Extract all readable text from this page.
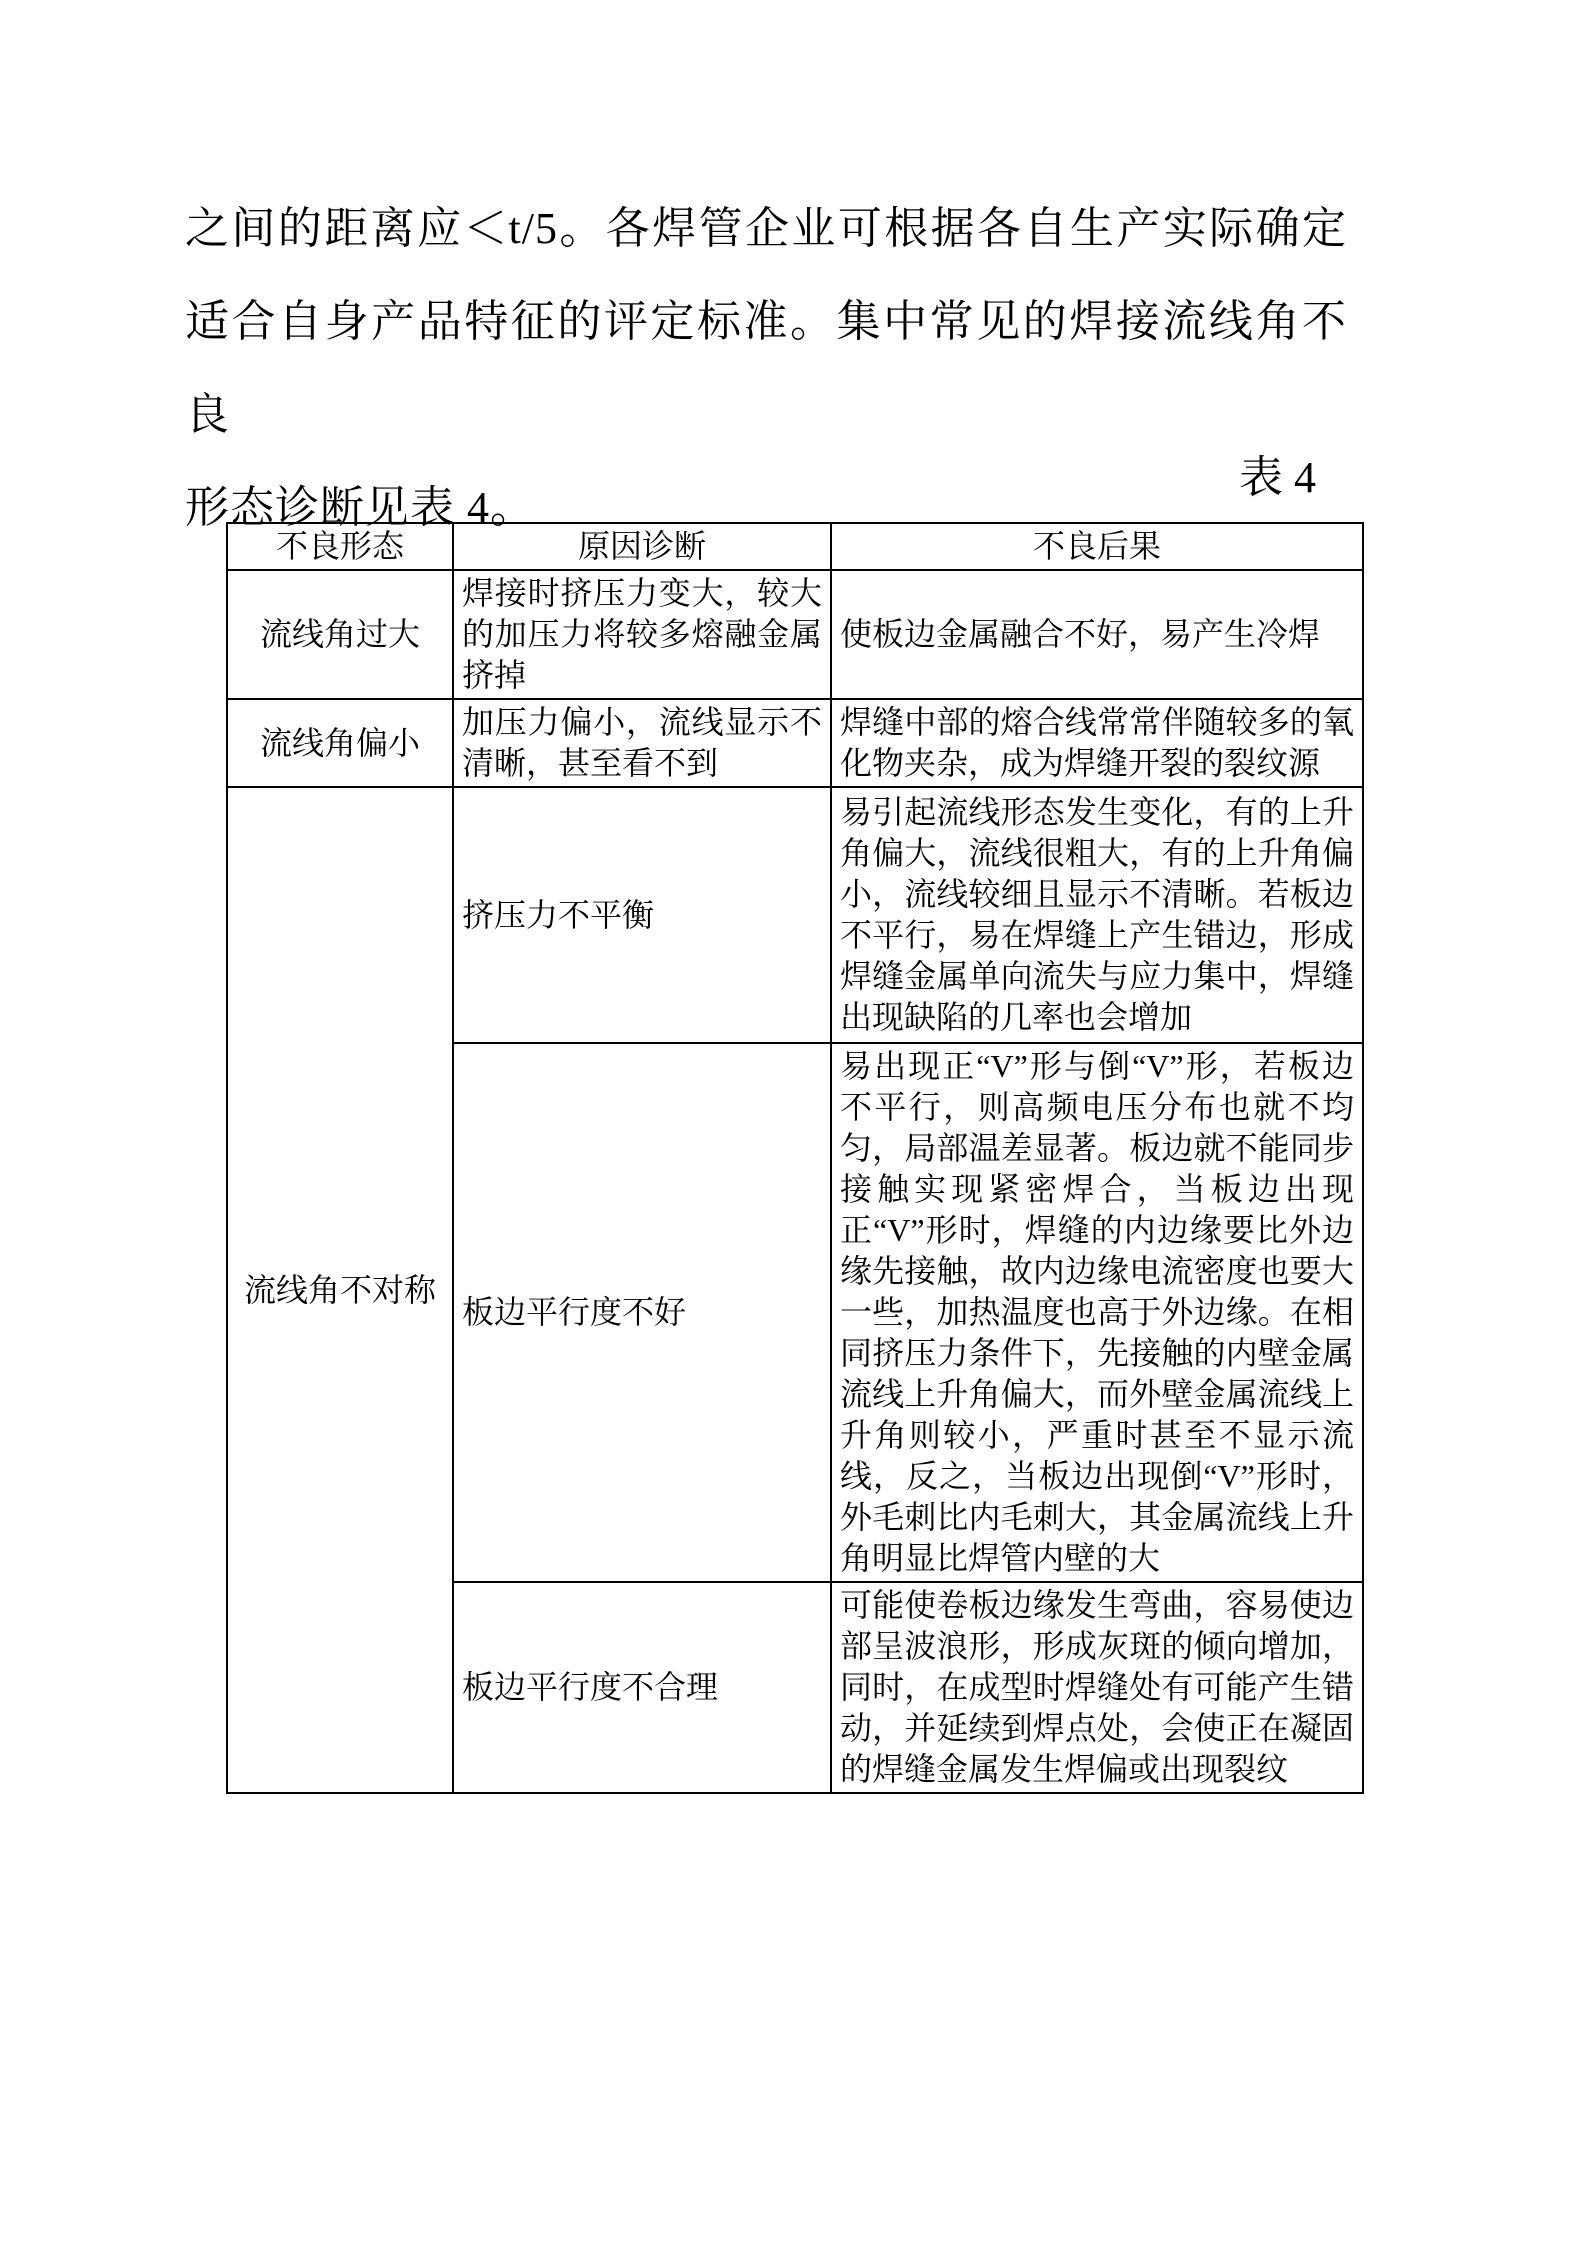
之间的距离应＜t/5。各焊管企业可根据各自生产实际确定
适合自身产品特征的评定标准。集中常见的焊接流线角不良
形态诊断见表 4。
表 4
不良形态	原因诊断	不良后果
流线角过大	焊接时挤压力变大，较大的加压力将较多熔融金属挤掉	使板边金属融合不好，易产生冷焊
流线角偏小	加压力偏小，流线显示不清晰，甚至看不到	焊缝中部的熔合线常常伴随较多的氧化物夹杂，成为焊缝开裂的裂纹源
流线角不对称	挤压力不平衡	易引起流线形态发生变化，有的上升角偏大，流线很粗大，有的上升角偏小，流线较细且显示不清晰。若板边不平行，易在焊缝上产生错边，形成焊缝金属单向流失与应力集中，焊缝出现缺陷的几率也会增加
	板边平行度不好	易出现正“V”形与倒“V”形，若板边不平行，则高频电压分布也就不均匀，局部温差显著。板边就不能同步接触实现紧密焊合，当板边出现正“V”形时，焊缝的内边缘要比外边缘先接触，故内边缘电流密度也要大一些，加热温度也高于外边缘。在相同挤压力条件下，先接触的内壁金属流线上升角偏大，而外壁金属流线上升角则较小，严重时甚至不显示流线，反之，当板边出现倒“V”形时，外毛刺比内毛刺大，其金属流线上升角明显比焊管内壁的大
	板边平行度不合理	可能使卷板边缘发生弯曲，容易使边部呈波浪形，形成灰斑的倾向增加，同时，在成型时焊缝处有可能产生错动，并延续到焊点处，会使正在凝固的焊缝金属发生焊偏或出现裂纹
